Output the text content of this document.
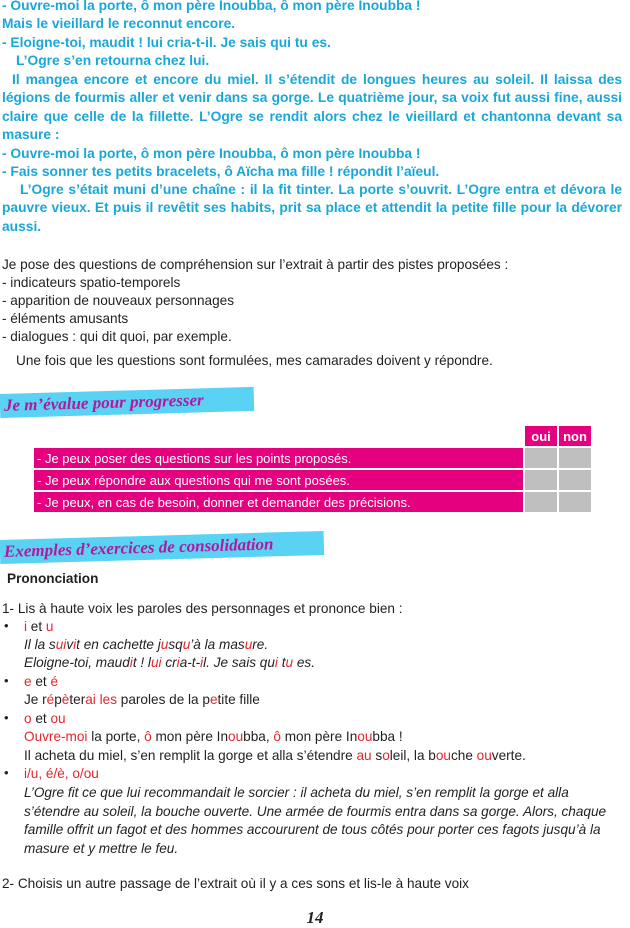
- Ouvre-moi la porte, ô mon père Inoubba, ô mon père Inoubba !
Mais le vieillard le reconnut encore.
- Eloigne-toi, maudit ! lui cria-t-il. Je sais qui tu es.
L’Ogre s’en retourna chez lui.
Il mangea encore et encore du miel. Il s’étendit de longues heures au soleil. Il laissa des légions de fourmis aller et venir dans sa gorge. Le quatrième jour, sa voix fut aussi fine, aussi claire que celle de la fillette. L’Ogre se rendit alors chez le vieillard et chantonna devant sa masure :
- Ouvre-moi la porte, ô mon père Inoubba, ô mon père Inoubba !
- Fais sonner tes petits bracelets, ô Aïcha ma fille ! répondit l’aïeul.
L’Ogre s’était muni d’une chaîne : il la fit tinter. La porte s’ouvrit. L’Ogre entra et dévora le pauvre vieux. Et puis il revêtit ses habits, prit sa place et attendit la petite fille pour la dévorer aussi.
Je pose des questions de compréhension sur l’extrait à partir des pistes proposées :
- indicateurs spatio-temporels
- apparition de nouveaux personnages
- éléments amusants
- dialogues : qui dit quoi, par exemple.
Une fois que les questions sont formulées, mes camarades doivent y répondre.
Je m’évalue pour progresser
	oui	non
- Je peux poser des questions sur les points proposés.		
- Je peux répondre aux questions qui me sont posées.		
- Je peux, en cas de besoin, donner et demander des précisions.		
Exemples d’exercices de consolidation
Prononciation
1- Lis à haute voix les paroles des personnages et prononce bien :
• i et u
Il la suivit en cachette jusqu’à la masure.
Eloigne-toi, maudit ! lui cria-t-il. Je sais qui tu es.
• e et é
Je répèterai les paroles de la petite fille
• o et ou
Ouvre-moi la porte, ô mon père Inoubba, ô mon père Inoubba !
Il acheta du miel, s’en remplit la gorge et alla s’étendre au soleil, la bouche ouverte.
• i/u, é/è, o/ou
L’Ogre fit ce que lui recommandait le sorcier : il acheta du miel, s’en remplit la gorge et alla s’étendre au soleil, la bouche ouverte. Une armée de fourmis entra dans sa gorge. Alors, chaque famille offrit un fagot et des hommes accoururent de tous côtés pour porter ces fagots jusqu’à la masure et y mettre le feu.
2- Choisis un autre passage de l’extrait où il y a ces sons et lis-le à haute voix
14
